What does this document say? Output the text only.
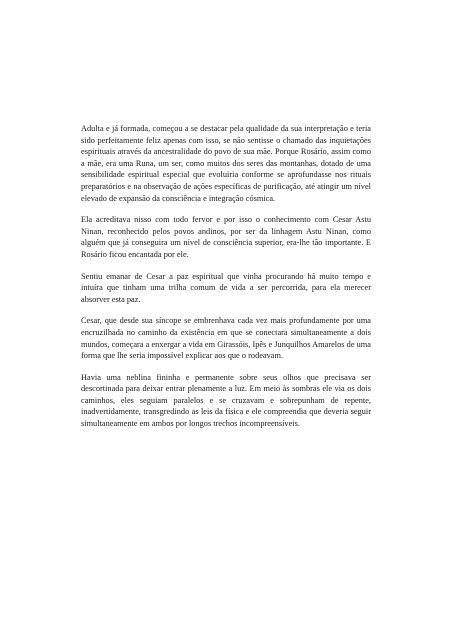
Adulta e já formada, começou a se destacar pela qualidade da sua interpretação e teria sido perfeitamente feliz apenas com isso, se não sentisse o chamado das inquietações espirituais através da ancestralidade do povo de sua mãe. Porque Rosário, assim como a mãe, era uma Runa, um ser, como muitos dos seres das montanhas, dotado de uma sensibilidade espiritual especial que evoluiria conforme se aprofundasse nos rituais preparatórios e na observação de ações específicas de purificação, até atingir um nível elevado de expansão da consciência e integração cósmica.

Ela acreditava nisso com todo fervor e por isso o conhecimento com Cesar Astu Ninan, reconhecido pelos povos andinos, por ser da linhagem Astu Ninan, como alguém que já conseguira um nível de consciência superior, era-lhe tão importante. E Rosário ficou encantada por ele.

Sentiu emanar de Cesar a paz espiritual que vinha procurando há muito tempo e intuíra que tinham uma trilha comum de vida a ser percorrida, para ela merecer absorver esta paz.

Cesar, que desde sua síncope se embrenhava cada vez mais profundamente por uma encruzilhada no caminho da existência em que se conectara simultaneamente a dois mundos, começara a enxergar a vida em Girassóis, Ipês e Junquilhos Amarelos de uma forma que lhe seria impossível explicar aos que o rodeavam.

Havia uma neblina fininha e permanente sobre seus olhos que precisava ser descortinada para deixar entrar plenamente a luz. Em meio às sombras ele via os dois caminhos, eles seguiam paralelos e se cruzavam e sobrepunham de repente, inadvertidamente, transgredindo as leis da física e ele compreendia que deveria seguir simultaneamente em ambos por longos trechos incompreensíveis.
